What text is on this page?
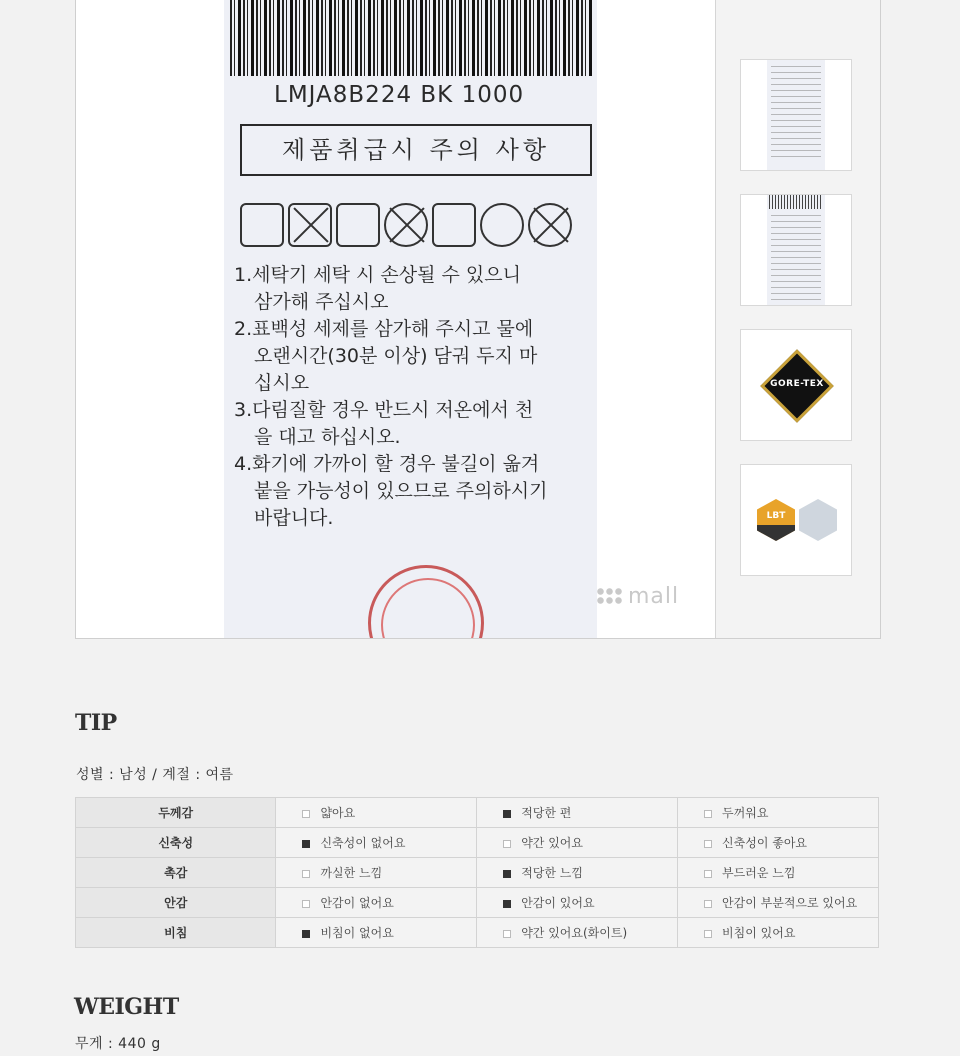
LMJA8B224 BK 1000
제품취급시 주의 사항
1.세탁기 세탁 시 손상될 수 있으니
삼가해 주십시오
2.표백성 세제를 삼가해 주시고 물에
오랜시간(30분 이상) 담궈 두지 마
십시오
3.다림질할 경우 반드시 저온에서 천
을 대고 하십시오.
4.화기에 가까이 할 경우 불길이 옮겨
붙을 가능성이 있으므로 주의하시기
바랍니다.
mall
GORE-TEX
LBT
TIP
성별 : 남성 / 계절 : 여름
두께감	얇아요	적당한 편	두꺼워요
신축성	신축성이 없어요	약간 있어요	신축성이 좋아요
촉감	까실한 느낌	적당한 느낌	부드러운 느낌
안감	안감이 없어요	안감이 있어요	안감이 부분적으로 있어요
비침	비침이 없어요	약간 있어요(화이트)	비침이 있어요
WEIGHT
무게 : 440 g
